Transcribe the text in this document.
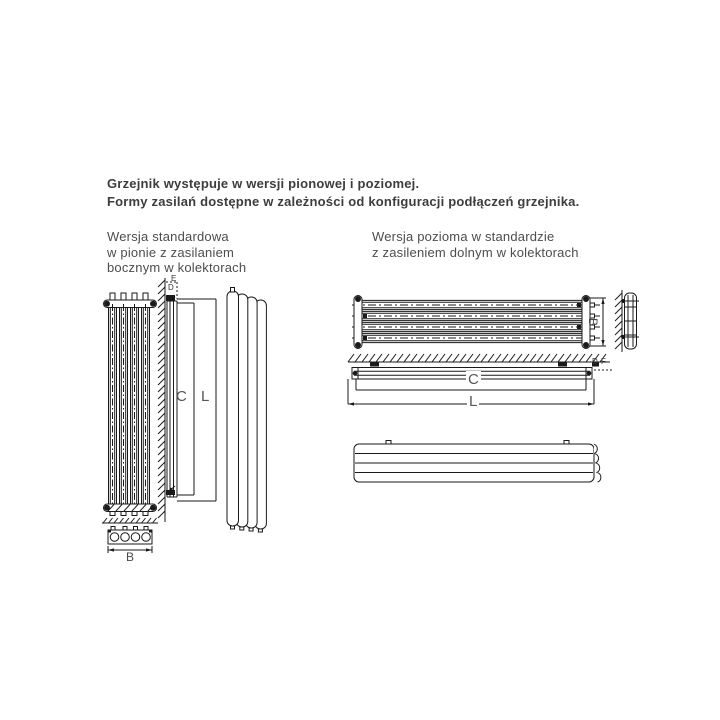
Grzejnik występuje w wersji pionowej i poziomej.
Formy zasilań dostępne w zależności od konfiguracji podłączeń grzejnika.
Wersja standardowa
w pionie z zasilaniem
bocznym w kolektorach
Wersja pozioma w standardzie
z zasileniem dolnym w kolektorach
B
E
D
C L
B
D F
C
L
